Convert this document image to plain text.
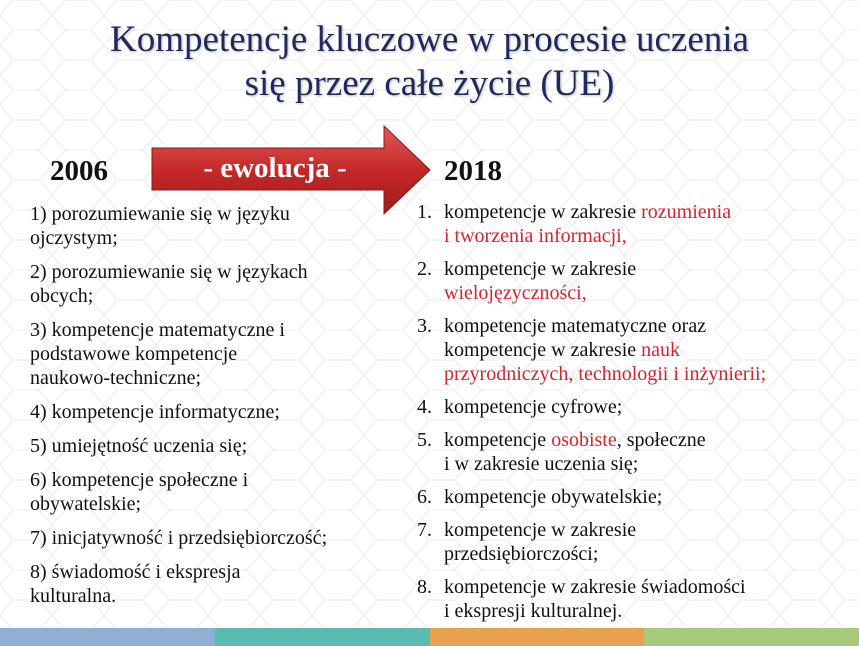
Kompetencje kluczowe w procesie uczenia
się przez całe życie (UE)
2006	- ewolucja -	2018
1) porozumiewanie się w języku
ojczystym;
2) porozumiewanie się w językach
obcych;
3) kompetencje matematyczne i
podstawowe kompetencje
naukowo-techniczne;
4) kompetencje informatyczne;
5) umiejętność uczenia się;
6) kompetencje społeczne i
obywatelskie;
7) inicjatywność i przedsiębiorczość;
8) świadomość i ekspresja
kulturalna.
1. kompetencje w zakresie rozumienia
i tworzenia informacji,
2. kompetencje w zakresie
wielojęzyczności,
3. kompetencje matematyczne oraz
kompetencje w zakresie nauk
przyrodniczych, technologii i inżynierii;
4. kompetencje cyfrowe;
5. kompetencje osobiste, społeczne
i w zakresie uczenia się;
6. kompetencje obywatelskie;
7. kompetencje w zakresie
przedsiębiorczości;
8. kompetencje w zakresie świadomości
i ekspresji kulturalnej.
